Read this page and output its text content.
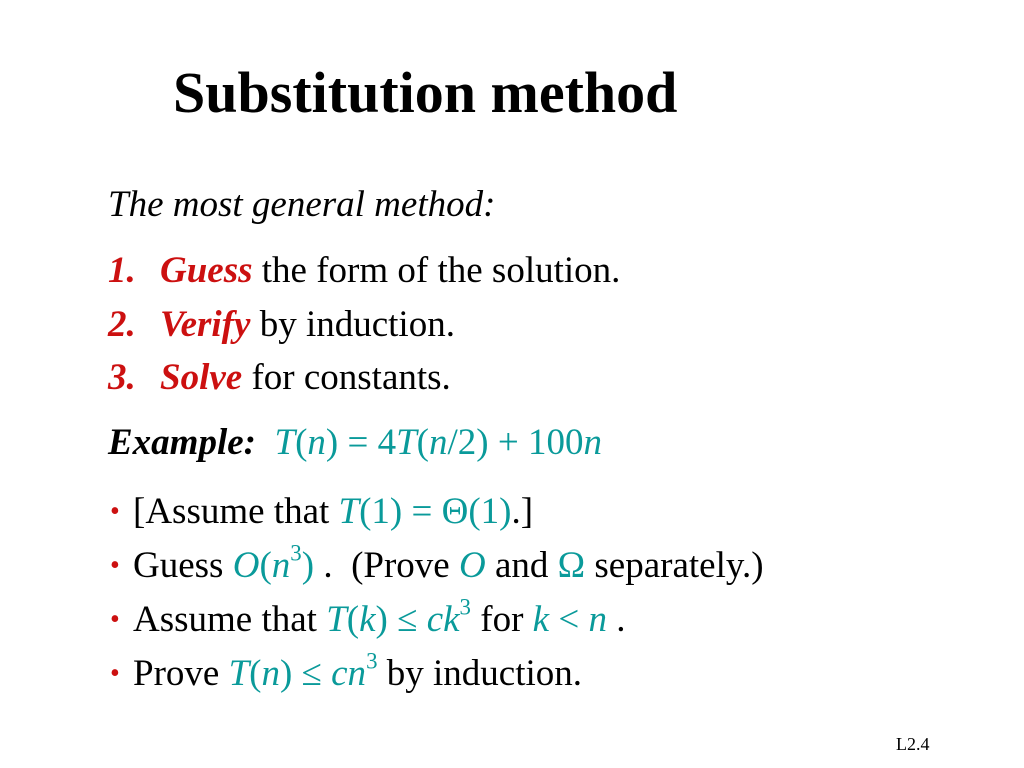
Substitution method
The most general method:
1. Guess the form of the solution.
2. Verify by induction.
3. Solve for constants.
Example: T(n) = 4T(n/2) + 100n
• [Assume that T(1) = Θ(1).]
• Guess $O(n^3)$ .  (Prove O and Ω separately.)
• Assume that $T(k) \le ck^3$ for k < n .
• Prove $T(n) \le cn^3$ by induction.
L2.4
